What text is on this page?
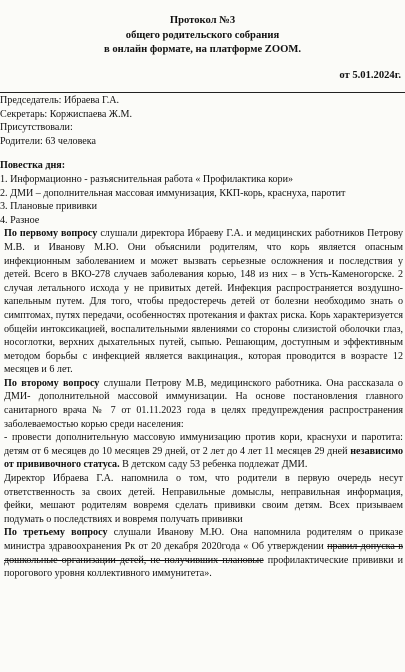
Протокол №3
общего родительского собрания
в онлайн формате, на платформе ZOOM.
от 5.01.2024г.
Председатель: Ибраева Г.А.
Секретарь: Коржиспаева Ж.М.
Присутствовали:
Родители: 63 человека
Повестка дня:
1. Информационно - разъяснительная работа « Профилактика кори»
2. ДМИ – дополнительная массовая иммунизация, ККП-корь, краснуха, паротит
3. Плановые прививки
4. Разное
По первому вопросу слушали директора Ибраеву Г.А. и медицинских работников Петрову М.В. и Иванову М.Ю. Они объяснили родителям, что корь является опасным инфекционным заболеванием и может вызвать серьезные осложнения и последствия у детей. Всего в ВКО-278 случаев заболевания корью, 148 из них – в Усть-Каменогорске. 2 случая летального исхода у не привитых детей. Инфекция распространяется воздушно-капельным путем. Для того, чтобы предостеречь детей от болезни необходимо знать о симптомах, путях передачи, особенностях протекания и фактах риска. Корь характеризуется общейи интоксикацией, воспалительными явлениями со стороны слизистой оболочки глаз, носоглотки, верхних дыхательных путей, сыпью. Решающим, доступным и эффективным методом борьбы с инфекцией является вакцинация., которая проводится в возрасте 12 месяцев и 6 лет.
По второму вопросу слушали Петрову М.В, медицинского работника. Она рассказала о ДМИ- дополнительной массовой иммунизации. На основе постановления главного санитарного врача № 7 от 01.11.2023 года в целях предупреждения распространения заболеваемостью корью среди населения:
- провести дополнительную массовую иммунизацию против кори, краснухи и паротита: детям от 6 месяцев до 10 месяцев 29 дней, от 2 лет до 4 лет 11 месяцев 29 дней независимо от прививочного статуса. В детском саду 53 ребенка подлежат ДМИ.
Директор Ибраева Г.А. напомнила о том, что родители в первую очередь несут ответственность за своих детей. Неправильные домыслы, неправильная информация, фейки, мешают родителям вовремя сделать прививки своим детям. Всех призываем подумать о последствиях и вовремя получать прививки
По третьему вопросу слушали Иванову М.Ю. Она напомнила родителям о приказе министра здравоохранения Рк от 20 декабря 2020года « Об утверждении правил допуска в дошкольные организации детей, не получивших плановые профилактические прививки и порогового уровня коллективного иммунитета».
